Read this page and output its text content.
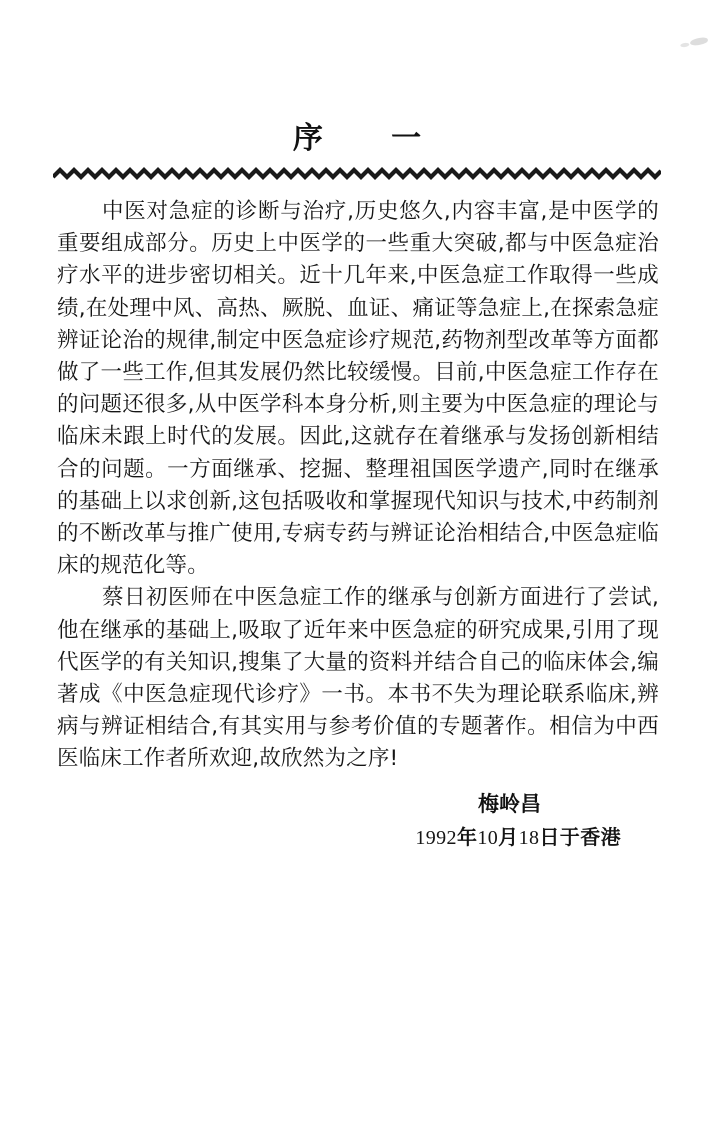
序 一

中医对急症的诊断与治疗,历史悠久,内容丰富,是中医学的重要组成部分。历史上中医学的一些重大突破,都与中医急症治疗水平的进步密切相关。近十几年来,中医急症工作取得一些成绩,在处理中风、高热、厥脱、血证、痛证等急症上,在探索急症辨证论治的规律,制定中医急症诊疗规范,药物剂型改革等方面都做了一些工作,但其发展仍然比较缓慢。目前,中医急症工作存在的问题还很多,从中医学科本身分析,则主要为中医急症的理论与临床未跟上时代的发展。因此,这就存在着继承与发扬创新相结合的问题。一方面继承、挖掘、整理祖国医学遗产,同时在继承的基础上以求创新,这包括吸收和掌握现代知识与技术,中药制剂的不断改革与推广使用,专病专药与辨证论治相结合,中医急症临床的规范化等。

蔡日初医师在中医急症工作的继承与创新方面进行了尝试,他在继承的基础上,吸取了近年来中医急症的研究成果,引用了现代医学的有关知识,搜集了大量的资料并结合自己的临床体会,编著成《中医急症现代诊疗》一书。本书不失为理论联系临床,辨病与辨证相结合,有其实用与参考价值的专题著作。相信为中西医临床工作者所欢迎,故欣然为之序!

梅岭昌
1992年10月18日于香港
